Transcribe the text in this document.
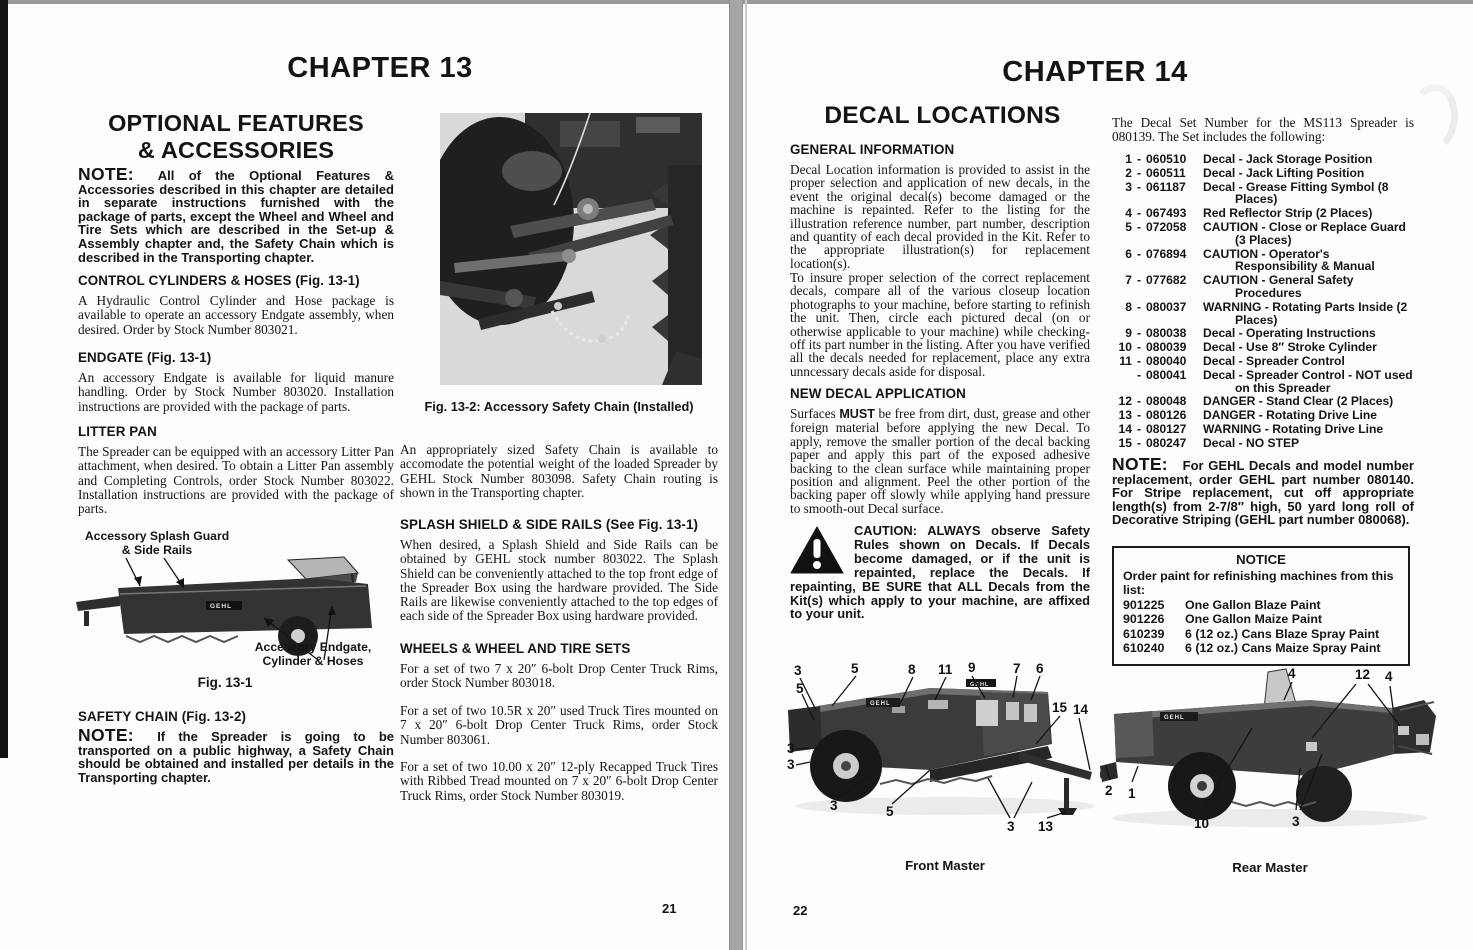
CHAPTER 13
Fig. 13-2: Accessory Safety Chain (Installed)
OPTIONAL FEATURES
& ACCESSORIES
NOTE: All of the Optional Features & Accessories described in this chapter are detailed in separate instructions furnished with the package of parts, except the Wheel and Wheel and Tire Sets which are described in the Set-up & Assembly chapter and, the Safety Chain which is described in the Transporting chapter.
CONTROL CYLINDERS & HOSES (Fig. 13-1)
A Hydraulic Control Cylinder and Hose package is available to operate an accessory Endgate assembly, when desired. Order by Stock Number 803021.
ENDGATE (Fig. 13-1)
An accessory Endgate is available for liquid manure handling. Order by Stock Number 803020. Installation instructions are provided with the package of parts.
LITTER PAN
The Spreader can be equipped with an accessory Litter Pan attachment, when desired. To obtain a Litter Pan assembly and Completing Controls, order Stock Number 803022. Installation instructions are provided with the package of parts.
Accessory Splash Guard
& Side Rails
GEHL
Accessory Endgate,
Cylinder & Hoses
Fig. 13-1
SAFETY CHAIN (Fig. 13-2)
NOTE: If the Spreader is going to be transported on a public highway, a Safety Chain should be obtained and installed per details in the Transporting chapter.
An appropriately sized Safety Chain is available to accomodate the potential weight of the loaded Spreader by GEHL Stock Number 803098. Safety Chain routing is shown in the Transporting chapter.
SPLASH SHIELD & SIDE RAILS (See Fig. 13-1)
When desired, a Splash Shield and Side Rails can be obtained by GEHL stock number 803022. The Splash Shield can be conveniently attached to the top front edge of the Spreader Box using the hardware provided. The Side Rails are likewise conveniently attached to the top edges of each side of the Spreader Box using hardware provided.
WHEELS & WHEEL AND TIRE SETS
For a set of two 7 x 20″ 6-bolt Drop Center Truck Rims, order Stock Number 803018.
For a set of two 10.5R x 20″ used Truck Tires mounted on 7 x 20″ 6-bolt Drop Center Truck Rims, order Stock Number 803061.
For a set of two 10.00 x 20″ 12-ply Recapped Truck Tires with Ribbed Tread mounted on 7 x 20″ 6-bolt Drop Center Truck Rims, order Stock Number 803019.
21
CHAPTER 14
DECAL LOCATIONS
GENERAL INFORMATION
Decal Location information is provided to assist in the proper selection and application of new decals, in the event the original decal(s) become damaged or the machine is repainted. Refer to the listing for the illustration reference number, part number, description and quantity of each decal provided in the Kit. Refer to the appropriate illustration(s) for replacement location(s).
To insure proper selection of the correct replacement decals, compare all of the various closeup location photographs to your machine, before starting to refinish the unit. Then, circle each pictured decal (on or otherwise applicable to your machine) while checking-off its part number in the listing. After you have verified all the decals needed for replacement, place any extra unncessary decals aside for disposal.
NEW DECAL APPLICATION
Surfaces MUST be free from dirt, dust, grease and other foreign material before applying the new Decal. To apply, remove the smaller portion of the decal backing paper and apply this part of the exposed adhesive backing to the clean surface while maintaining proper position and alignment. Peel the other portion of the backing paper off slowly while applying hand pressure to smooth-out Decal surface.
CAUTION: ALWAYS observe Safety Rules shown on Decals. If Decals become damaged, or if the unit is repainted, replace the Decals. If repainting, BE SURE that ALL Decals from the Kit(s) which apply to your machine, are affixed to your unit.
GEHL
GEHL
3
5
5	8 11 9	7 6
15 14
3
3
3	5
3 13
Front Master
The Decal Set Number for the MS113 Spreader is 080139. The Set includes the following:
1 - 060510	Decal - Jack Storage Position
2 - 060511	Decal - Jack Lifting Position
3 - 061187	Decal - Grease Fitting Symbol (8 Places)
4 - 067493	Red Reflector Strip (2 Places)
5 - 072058	CAUTION - Close or Replace Guard (3 Places)
6 - 076894	CAUTION - Operator's Responsibility & Manual
7 - 077682	CAUTION - General Safety Procedures
8 - 080037	WARNING - Rotating Parts Inside (2 Places)
9 - 080038	Decal - Operating Instructions
10 - 080039	Decal - Use 8″ Stroke Cylinder
11 - 080040	Decal - Spreader Control
- 080041	Decal - Spreader Control - NOT used on this Spreader
12 - 080048	DANGER - Stand Clear (2 Places)
13 - 080126	DANGER - Rotating Drive Line
14 - 080127	WARNING - Rotating Drive Line
15 - 080247	Decal - NO STEP
NOTE: For GEHL Decals and model number replacement, order GEHL part number 080140. For Stripe replacement, cut off appropriate length(s) from 2-7/8″ high, 50 yard long roll of Decorative Striping (GEHL part number 080068).
NOTICE
Order paint for refinishing machines from this list:
901225	One Gallon Blaze Paint
901226	One Gallon Maize Paint
610239	6 (12 oz.) Cans Blaze Spray Paint
610240	6 (12 oz.) Cans Maize Spray Paint
GEHL
4	12 4
2 1
10	3
Rear Master
22
